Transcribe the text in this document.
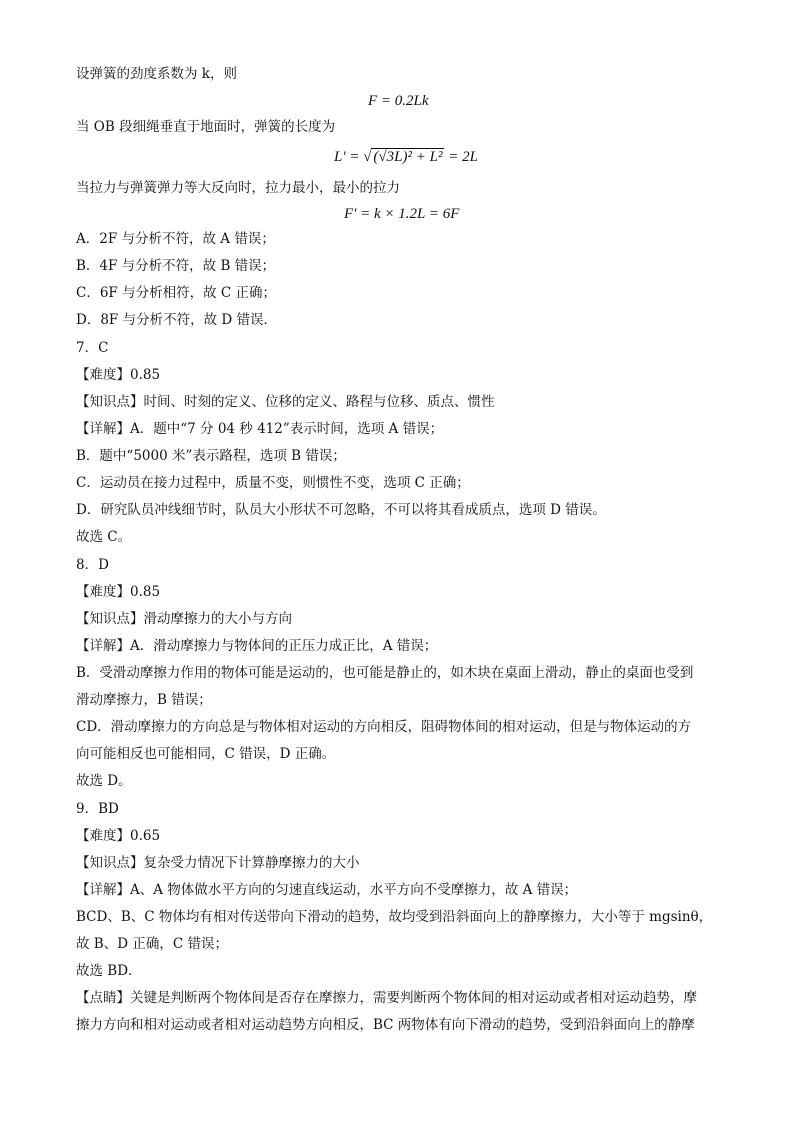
设弹簧的劲度系数为 k，则
F = 0.2Lk
当 OB 段细绳垂直于地面时，弹簧的长度为
L' = √ (√3L)² + L² = 2L
当拉力与弹簧弹力等大反向时，拉力最小，最小的拉力
F' = k × 1.2L = 6F
A．2F 与分析不符，故 A 错误；
B．4F 与分析不符，故 B 错误；
C．6F 与分析相符，故 C 正确；
D．8F 与分析不符，故 D 错误．
7．C
【难度】0.85
【知识点】时间、时刻的定义、位移的定义、路程与位移、质点、惯性
【详解】A．题中“7 分 04 秒 412”表示时间，选项 A 错误；
B．题中“5000 米”表示路程，选项 B 错误；
C．运动员在接力过程中，质量不变，则惯性不变，选项 C 正确；
D．研究队员冲线细节时，队员大小形状不可忽略，不可以将其看成质点，选项 D 错误。
故选 C。
8．D
【难度】0.85
【知识点】滑动摩擦力的大小与方向
【详解】A．滑动摩擦力与物体间的正压力成正比，A 错误；
B．受滑动摩擦力作用的物体可能是运动的，也可能是静止的，如木块在桌面上滑动，静止的桌面也受到
滑动摩擦力，B 错误；
CD．滑动摩擦力的方向总是与物体相对运动的方向相反，阻碍物体间的相对运动，但是与物体运动的方
向可能相反也可能相同，C 错误，D 正确。
故选 D。
9．BD
【难度】0.65
【知识点】复杂受力情况下计算静摩擦力的大小
【详解】A、A 物体做水平方向的匀速直线运动，水平方向不受摩擦力，故 A 错误；
BCD、B、C 物体均有相对传送带向下滑动的趋势，故均受到沿斜面向上的静摩擦力，大小等于 mgsinθ，
故 B、D 正确，C 错误；
故选 BD．
【点睛】关键是判断两个物体间是否存在摩擦力，需要判断两个物体间的相对运动或者相对运动趋势，摩
擦力方向和相对运动或者相对运动趋势方向相反，BC 两物体有向下滑动的趋势，受到沿斜面向上的静摩
